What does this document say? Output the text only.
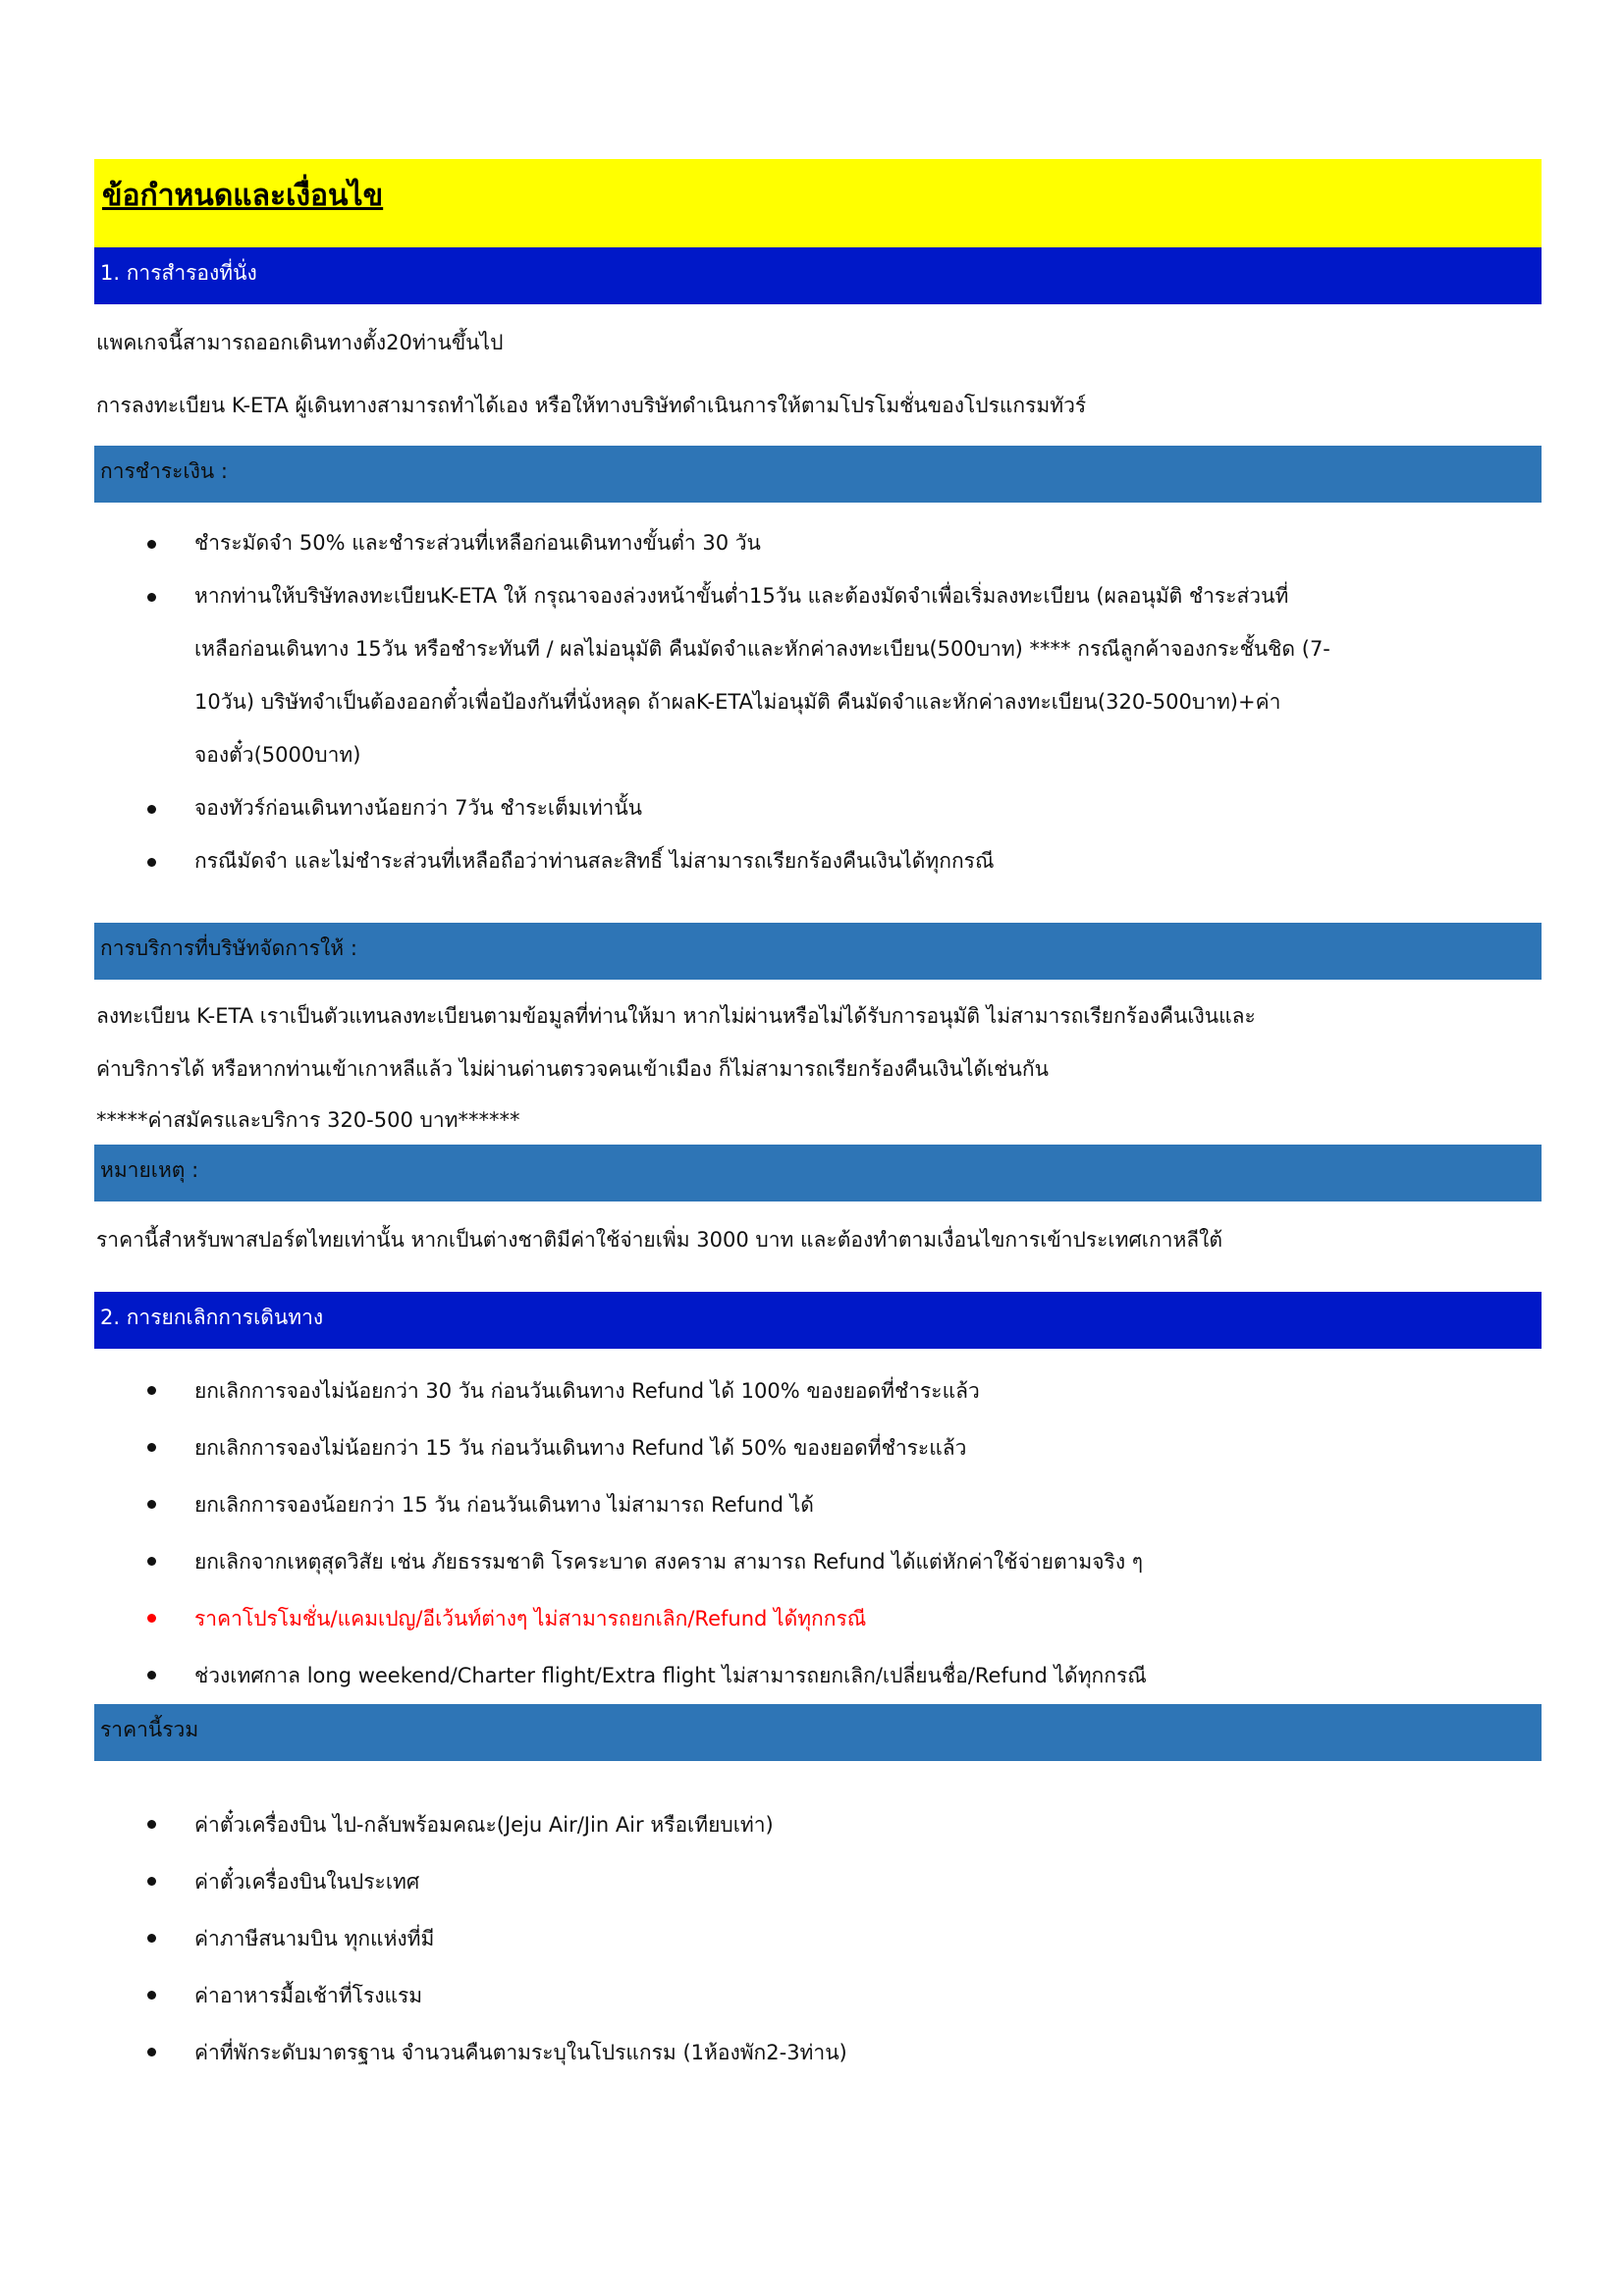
ข้อกำหนดและเงื่อนไข
1. การสำรองที่นั่ง
แพคเกจนี้สามารถออกเดินทางตั้ง20ท่านขึ้นไป
การลงทะเบียน K-ETA ผู้เดินทางสามารถทำได้เอง หรือให้ทางบริษัทดำเนินการให้ตามโปรโมชั่นของโปรแกรมทัวร์
การชำระเงิน :
ชำระมัดจำ 50% และชำระส่วนที่เหลือก่อนเดินทางขั้นต่ำ 30 วัน
หากท่านให้บริษัทลงทะเบียนK-ETA ให้ กรุณาจองล่วงหน้าขั้นต่ำ15วัน และต้องมัดจำเพื่อเริ่มลงทะเบียน (ผลอนุมัติ ชำระส่วนที่
เหลือก่อนเดินทาง 15วัน หรือชำระทันที / ผลไม่อนุมัติ คืนมัดจำและหักค่าลงทะเบียน(500บาท) **** กรณีลูกค้าจองกระชั้นชิด (7-
10วัน) บริษัทจำเป็นต้องออกตั๋วเพื่อป้องกันที่นั่งหลุด ถ้าผลK-ETAไม่อนุมัติ คืนมัดจำและหักค่าลงทะเบียน(320-500บาท)+ค่า
จองตั๋ว(5000บาท)
จองทัวร์ก่อนเดินทางน้อยกว่า 7วัน ชำระเต็มเท่านั้น
กรณีมัดจำ และไม่ชำระส่วนที่เหลือถือว่าท่านสละสิทธิ์ ไม่สามารถเรียกร้องคืนเงินได้ทุกกรณี
การบริการที่บริษัทจัดการให้ :
ลงทะเบียน K-ETA เราเป็นตัวแทนลงทะเบียนตามข้อมูลที่ท่านให้มา หากไม่ผ่านหรือไม่ได้รับการอนุมัติ ไม่สามารถเรียกร้องคืนเงินและ
ค่าบริการได้ หรือหากท่านเข้าเกาหลีแล้ว ไม่ผ่านด่านตรวจคนเข้าเมือง ก็ไม่สามารถเรียกร้องคืนเงินได้เช่นกัน
*****ค่าสมัครและบริการ 320-500 บาท******
หมายเหตุ :
ราคานี้สำหรับพาสปอร์ตไทยเท่านั้น หากเป็นต่างชาติมีค่าใช้จ่ายเพิ่ม 3000 บาท และต้องทำตามเงื่อนไขการเข้าประเทศเกาหลีใต้
2. การยกเลิกการเดินทาง
ยกเลิกการจองไม่น้อยกว่า 30 วัน ก่อนวันเดินทาง Refund ได้ 100% ของยอดที่ชำระแล้ว
ยกเลิกการจองไม่น้อยกว่า 15 วัน ก่อนวันเดินทาง Refund ได้ 50% ของยอดที่ชำระแล้ว
ยกเลิกการจองน้อยกว่า 15 วัน ก่อนวันเดินทาง ไม่สามารถ Refund ได้
ยกเลิกจากเหตุสุดวิสัย เช่น ภัยธรรมชาติ โรคระบาด สงคราม สามารถ Refund ได้แต่หักค่าใช้จ่ายตามจริง ๆ
ราคาโปรโมชั่น/แคมเปญ/อีเว้นท์ต่างๆ ไม่สามารถยกเลิก/Refund ได้ทุกกรณี
ช่วงเทศกาล long weekend/Charter flight/Extra flight ไม่สามารถยกเลิก/เปลี่ยนชื่อ/Refund ได้ทุกกรณี
ราคานี้รวม
ค่าตั๋วเครื่องบิน ไป-กลับพร้อมคณะ(Jeju Air/Jin Air หรือเทียบเท่า)
ค่าตั๋วเครื่องบินในประเทศ
ค่าภาษีสนามบิน ทุกแห่งที่มี
ค่าอาหารมื้อเช้าที่โรงแรม
ค่าที่พักระดับมาตรฐาน จำนวนคืนตามระบุในโปรแกรม (1ห้องพัก2-3ท่าน)
